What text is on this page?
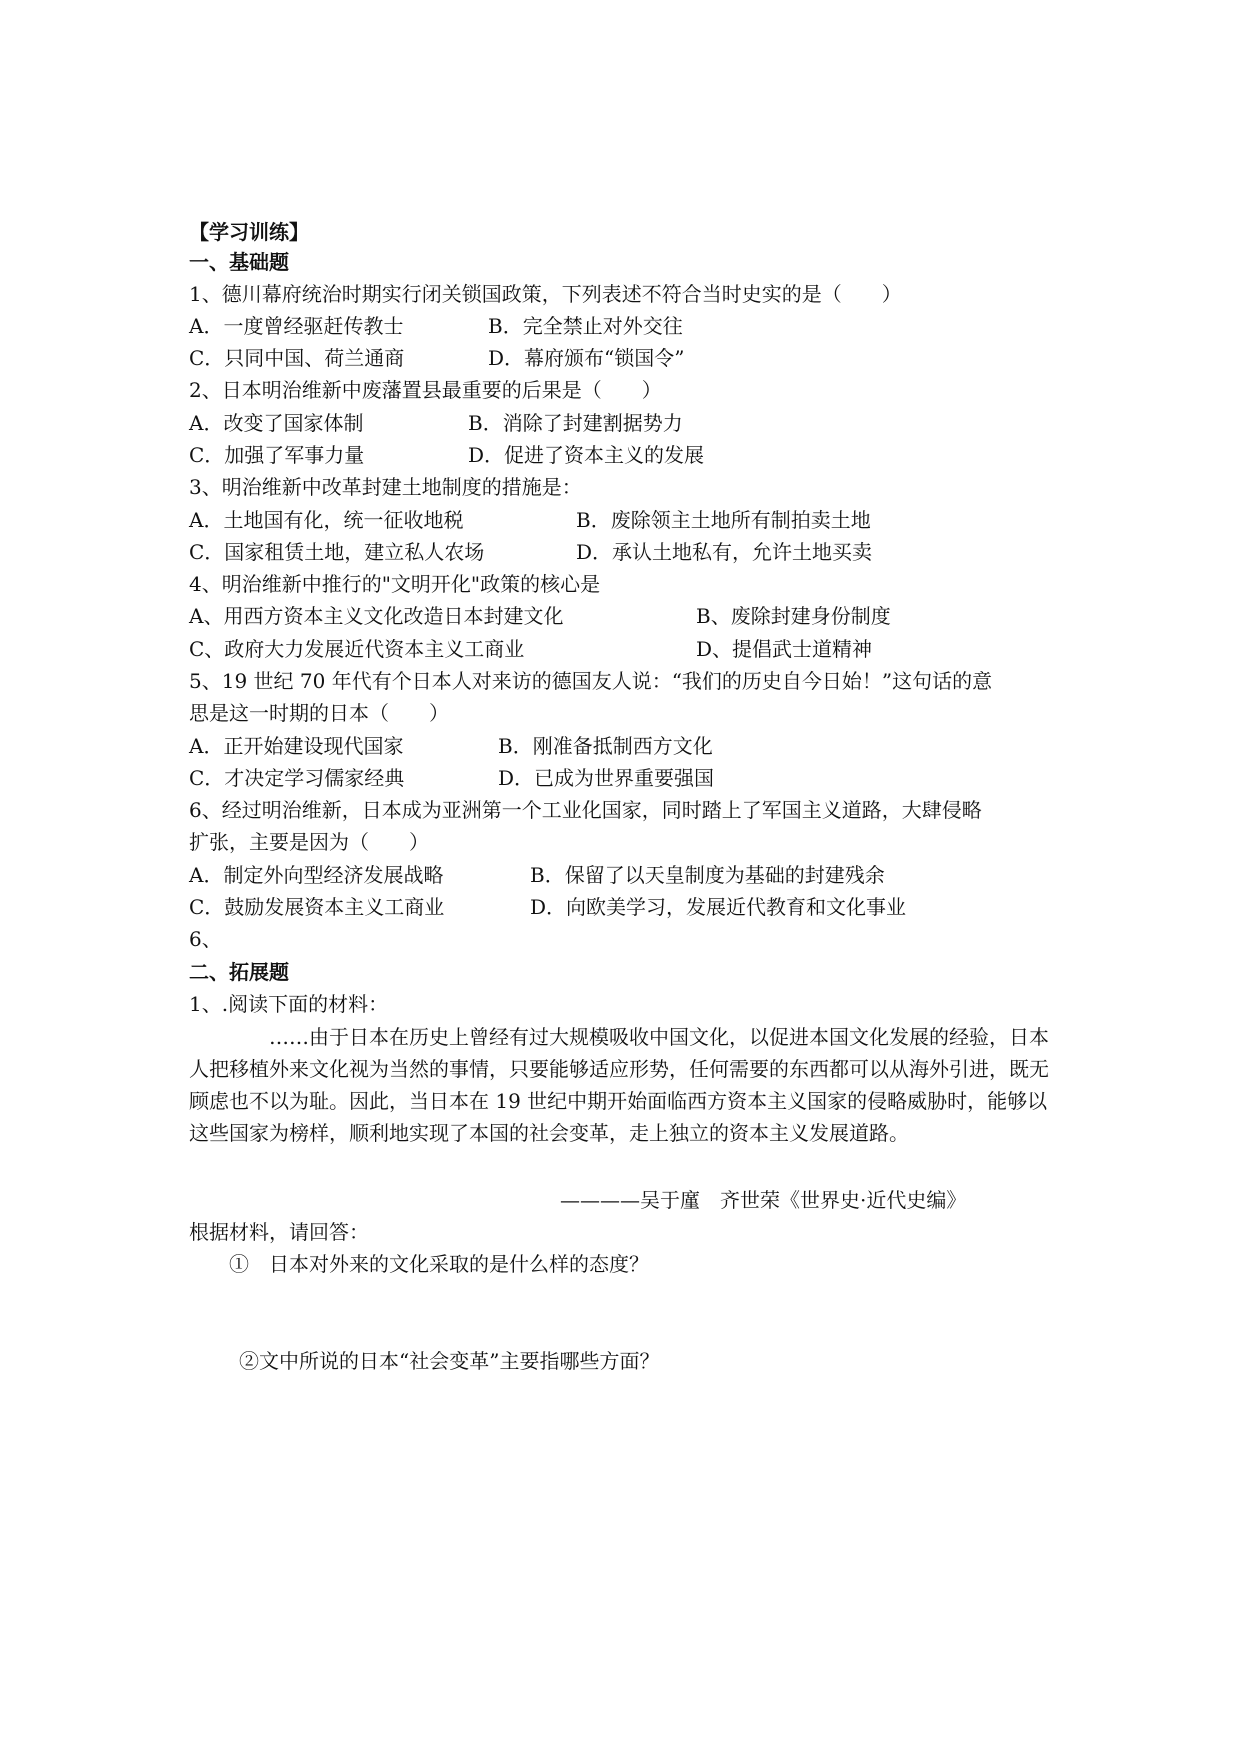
【学习训练】
一、基础题
1、德川幕府统治时期实行闭关锁国政策，下列表述不符合当时史实的是（　　）
A．一度曾经驱赶传教士	B．完全禁止对外交往
C．只同中国、荷兰通商	D．幕府颁布“锁国令”
2、日本明治维新中废藩置县最重要的后果是（　　）
A．改变了国家体制	B．消除了封建割据势力
C．加强了军事力量	D．促进了资本主义的发展
3、明治维新中改革封建土地制度的措施是：
A．土地国有化，统一征收地税	B．废除领主土地所有制拍卖土地
C．国家租赁土地，建立私人农场	D．承认土地私有，允许土地买卖
4、明治维新中推行的"文明开化"政策的核心是
A、用西方资本主义文化改造日本封建文化	B、废除封建身份制度
C、政府大力发展近代资本主义工商业	D、提倡武士道精神
5、19 世纪 70 年代有个日本人对来访的德国友人说：“我们的历史自今日始！”这句话的意
思是这一时期的日本（　　）
A．正开始建设现代国家	B．刚准备抵制西方文化
C．才决定学习儒家经典	D．已成为世界重要强国
6、经过明治维新，日本成为亚洲第一个工业化国家，同时踏上了军国主义道路，大肆侵略
扩张，主要是因为（　　）
A．制定外向型经济发展战略	B．保留了以天皇制度为基础的封建残余
C．鼓励发展资本主义工商业	D．向欧美学习，发展近代教育和文化事业
6、
二、拓展题
1、.阅读下面的材料：
……由于日本在历史上曾经有过大规模吸收中国文化，以促进本国文化发展的经验，日本人把移植外来文化视为当然的事情，只要能够适应形势，任何需要的东西都可以从海外引进，既无顾虑也不以为耻。因此，当日本在 19 世纪中期开始面临西方资本主义国家的侵略威胁时，能够以这些国家为榜样，顺利地实现了本国的社会变革，走上独立的资本主义发展道路。
————吴于廑　齐世荣《世界史·近代史编》
根据材料，请回答：
①　日本对外来的文化采取的是什么样的态度？
②文中所说的日本“社会变革”主要指哪些方面？
